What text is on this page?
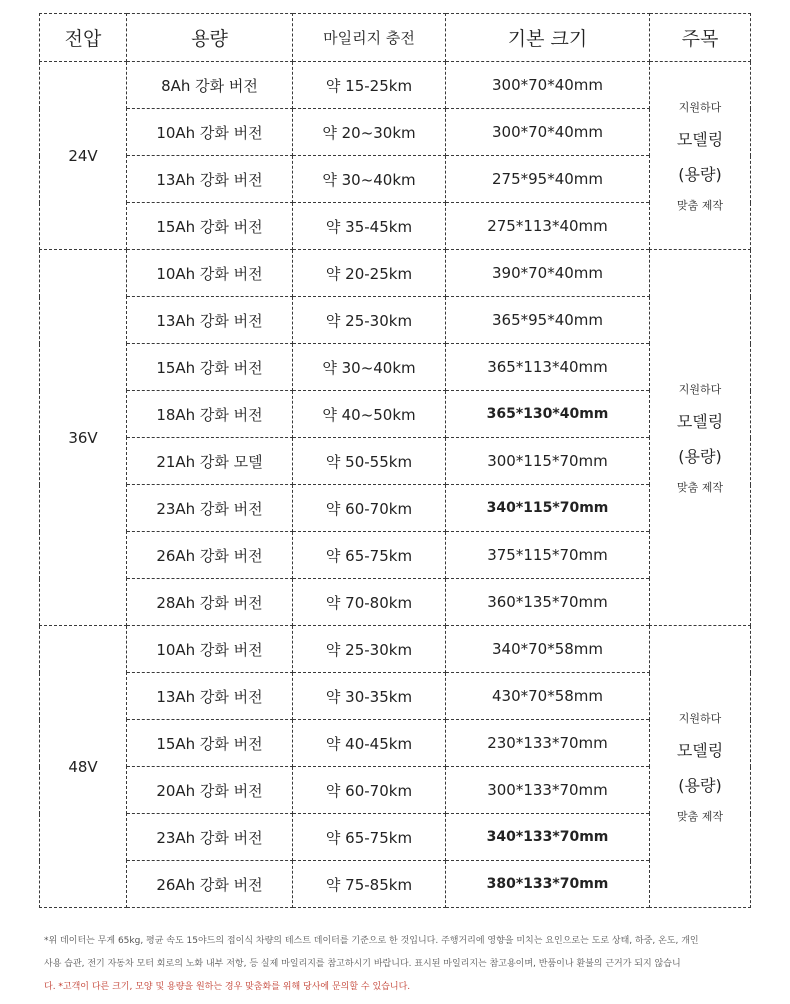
전압	용량	마일리지 충전	기본 크기	주목
24V	8Ah 강화 버전	약 15-25km	300*70*40mm	지원하다
모델링
(용량)
맞춤 제작

	10Ah 강화 버전	약 20~30km	300*70*40mm	
	13Ah 강화 버전	약 30~40km	275*95*40mm	
	15Ah 강화 버전	약 35-45km	275*113*40mm	
36V	10Ah 강화 버전	약 20-25km	390*70*40mm	지원하다
모델링
(용량)
맞춤 제작

	13Ah 강화 버전	약 25-30km	365*95*40mm	
	15Ah 강화 버전	약 30~40km	365*113*40mm	
	18Ah 강화 버전	약 40~50km	365*130*40mm	
	21Ah 강화 모델	약 50-55km	300*115*70mm	
	23Ah 강화 버전	약 60-70km	340*115*70mm	
	26Ah 강화 버전	약 65-75km	375*115*70mm	
	28Ah 강화 버전	약 70-80km	360*135*70mm	
48V	10Ah 강화 버전	약 25-30km	340*70*58mm	지원하다
모델링
(용량)
맞춤 제작

	13Ah 강화 버전	약 30-35km	430*70*58mm	
	15Ah 강화 버전	약 40-45km	230*133*70mm	
	20Ah 강화 버전	약 60-70km	300*133*70mm	
	23Ah 강화 버전	약 65-75km	340*133*70mm	
	26Ah 강화 버전	약 75-85km	380*133*70mm	
*위 데이터는 무게 65kg, 평균 속도 15야드의 접이식 차량의 테스트 데이터를 기준으로 한 것입니다. 주행거리에 영향을 미치는 요인으로는 도로 상태, 하중, 온도, 개인
사용 습관, 전기 자동차 모터 회로의 노화 내부 저항, 등 실제 마일리지를 참고하시기 바랍니다. 표시된 마일리지는 참고용이며, 반품이나 환불의 근거가 되지 않습니
다. *고객이 다른 크기, 모양 및 용량을 원하는 경우 맞춤화를 위해 당사에 문의할 수 있습니다.
